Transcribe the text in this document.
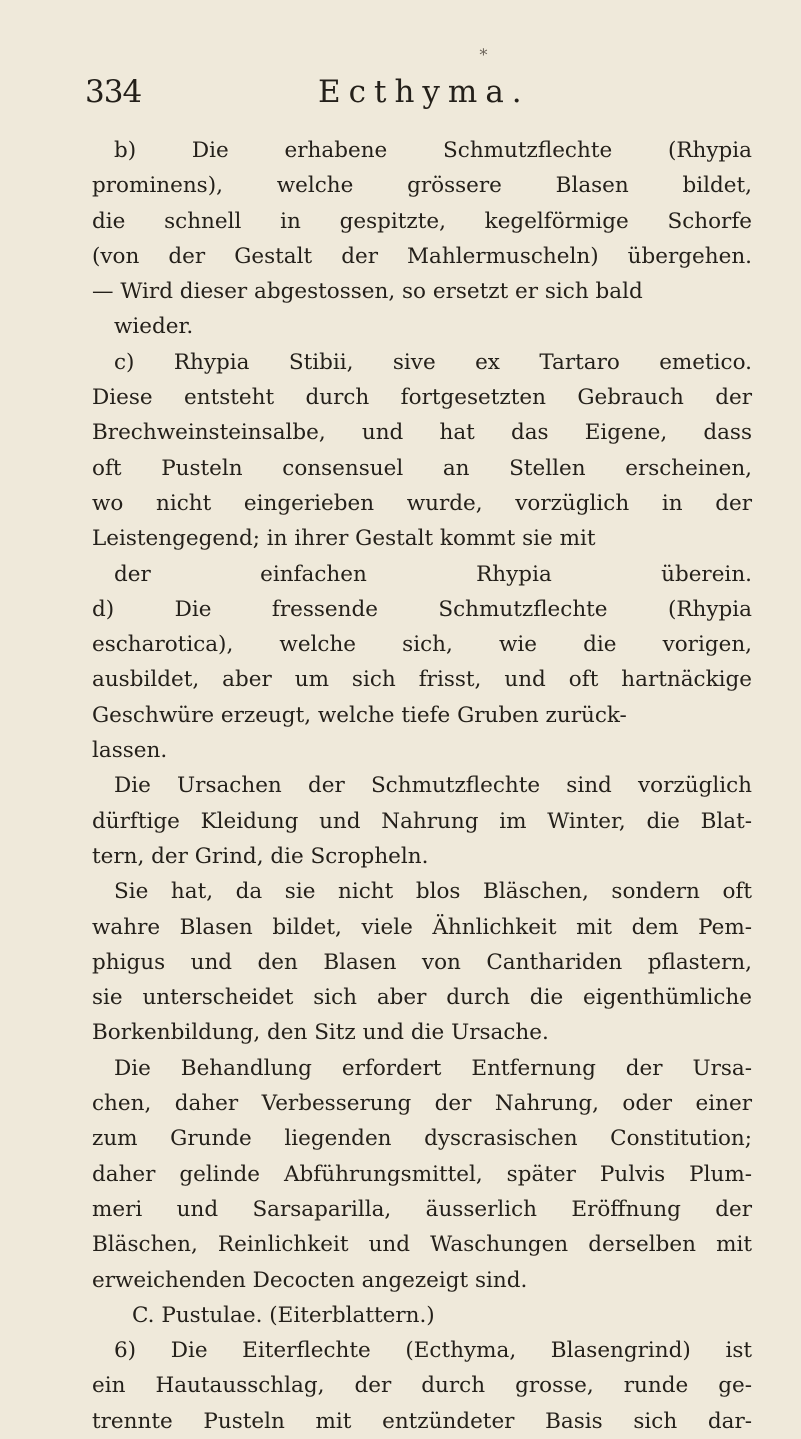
∗
334	Ecthyma.
b) Die erhabene Schmutzflechte (Rhypia
prominens), welche grössere Blasen bildet,
die schnell in gespitzte, kegelförmige Schorfe
(von der Gestalt der Mahlermuscheln) übergehen.
— Wird dieser abgestossen, so ersetzt er sich bald
wieder.
c) Rhypia Stibii, sive ex Tartaro emetico.
Diese entsteht durch fortgesetzten Gebrauch der
Brechweinsteinsalbe, und hat das Eigene, dass
oft Pusteln consensuel an Stellen erscheinen,
wo nicht eingerieben wurde, vorzüglich in der
Leistengegend; in ihrer Gestalt kommt sie mit
der einfachen Rhypia überein.
d) Die fressende Schmutzflechte (Rhypia
escharotica), welche sich, wie die vorigen,
ausbildet, aber um sich frisst, und oft hartnäckige
Geschwüre erzeugt, welche tiefe Gruben zurück-
lassen.
Die Ursachen der Schmutzflechte sind vorzüglich
dürftige Kleidung und Nahrung im Winter, die Blat-
tern, der Grind, die Scropheln.
Sie hat, da sie nicht blos Bläschen, sondern oft
wahre Blasen bildet, viele Ähnlichkeit mit dem Pem-
phigus und den Blasen von Canthariden pflastern,
sie unterscheidet sich aber durch die eigenthümliche
Borkenbildung, den Sitz und die Ursache.
Die Behandlung erfordert Entfernung der Ursa-
chen, daher Verbesserung der Nahrung, oder einer
zum Grunde liegenden dyscrasischen Constitution;
daher gelinde Abführungsmittel, später Pulvis Plum-
meri und Sarsaparilla, äusserlich Eröffnung der
Bläschen, Reinlichkeit und Waschungen derselben mit
erweichenden Decocten angezeigt sind.
C. Pustulae. (Eiterblattern.)
6) Die Eiterflechte (Ecthyma, Blasengrind) ist
ein Hautausschlag, der durch grosse, runde ge-
trennte Pusteln mit entzündeter Basis sich dar-
